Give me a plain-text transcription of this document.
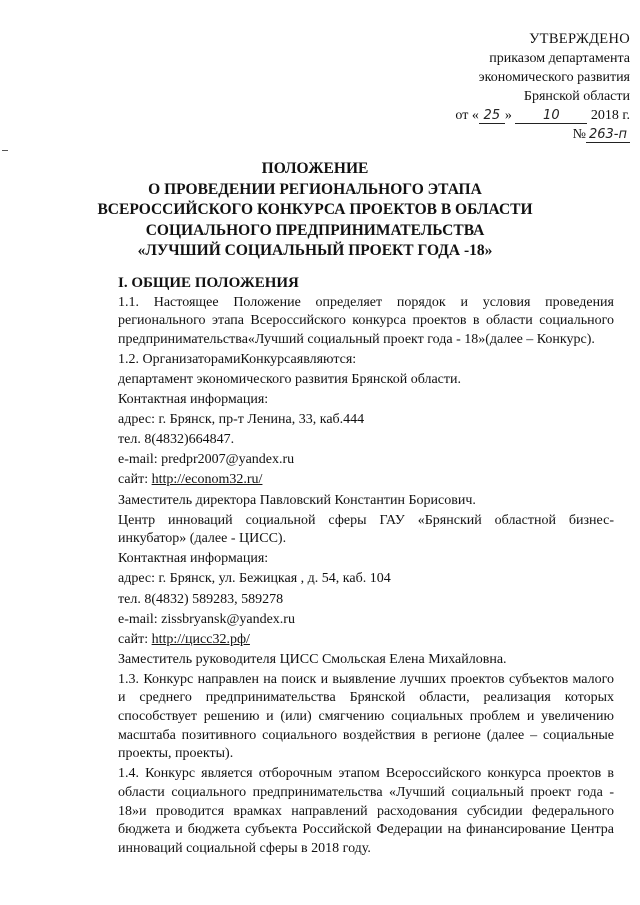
УТВЕРЖДЕНО
приказом департамента
экономического развития
Брянской области
от « 25 » 10 2018 г.
№ 263-п
ПОЛОЖЕНИЕ
О ПРОВЕДЕНИИ РЕГИОНАЛЬНОГО ЭТАПА
ВСЕРОССИЙСКОГО КОНКУРСА ПРОЕКТОВ В ОБЛАСТИ
СОЦИАЛЬНОГО ПРЕДПРИНИМАТЕЛЬСТВА
«ЛУЧШИЙ СОЦИАЛЬНЫЙ ПРОЕКТ ГОДА -18»
I. ОБЩИЕ ПОЛОЖЕНИЯ
1.1. Настоящее Положение определяет порядок и условия проведения регионального этапа Всероссийского конкурса проектов в области социального предпринимательства«Лучший социальный проект года - 18»(далее – Конкурс).
1.2. ОрганизаторамиКонкурсаявляются:
департамент экономического развития Брянской области.
Контактная информация:
адрес: г. Брянск, пр-т Ленина, 33, каб.444
тел. 8(4832)664847.
e-mail: predpr2007@yandex.ru
сайт: http://econom32.ru/
Заместитель директора Павловский Константин Борисович.
Центр инноваций социальной сферы ГАУ «Брянский областной бизнес-инкубатор» (далее - ЦИСС).
Контактная информация:
адрес: г. Брянск, ул. Бежицкая , д. 54, каб. 104
тел. 8(4832) 589283, 589278
e-mail: zissbryansk@yandex.ru
сайт: http://цисс32.рф/
Заместитель руководителя ЦИСС Смольская Елена Михайловна.
1.3. Конкурс направлен на поиск и выявление лучших проектов субъектов малого и среднего предпринимательства Брянской области, реализация которых способствует решению и (или) смягчению социальных проблем и увеличению масштаба позитивного социального воздействия в регионе (далее – социальные проекты, проекты).
1.4. Конкурс является отборочным этапом Всероссийского конкурса проектов в области социального предпринимательства «Лучший социальный проект года - 18»и проводится врамках направлений расходования субсидии федерального бюджета и бюджета субъекта Российской Федерации на финансирование Центра инноваций социальной сферы в 2018 году.
